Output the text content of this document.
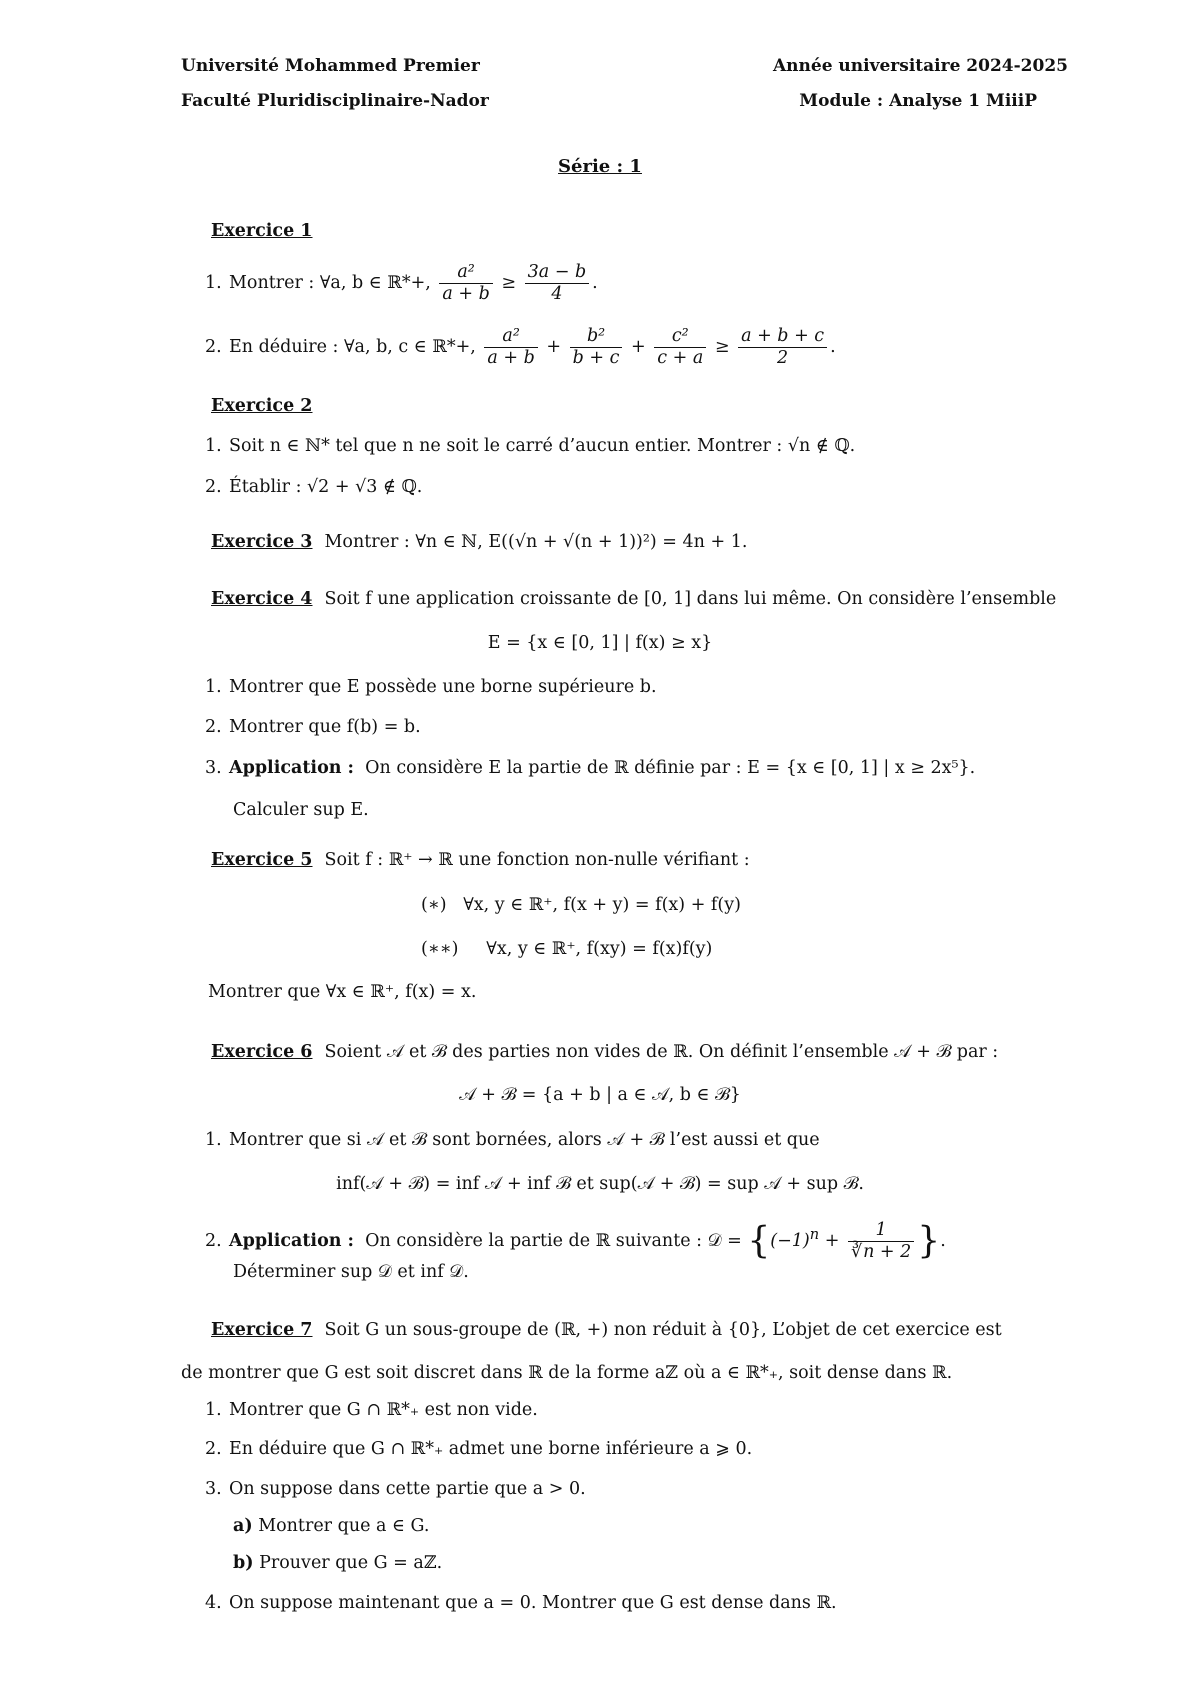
Université Mohammed Premier
Faculté Pluridisciplinaire-Nador
Année universitaire 2024-2025
Module : Analyse 1 MiiiP
Série : 1
Exercice 1
1. Montrer : ∀a, b ∈ ℝ*+, $\frac{\text{a²}}{a + b} \ge \frac{3a - b}{4}$ .
2. En déduire : ∀a, b, c ∈ ℝ*+, $\frac{\text{a²}}{a + b} + \frac{\text{b²}}{b + c} + \frac{\text{c²}}{c + a} \ge \frac{a + b + c}{2}$ .
Exercice 2
1. Soit n ∈ ℕ* tel que n ne soit le carré d’aucun entier. Montrer : √n ∉ ℚ.
2. Établir : √2 + √3 ∉ ℚ.
Exercice 3 Montrer : ∀n ∈ ℕ, E((√n + √(n + 1))²) = 4n + 1.
Exercice 4 Soit f une application croissante de [0, 1] dans lui même. On considère l’ensemble
E = {x ∈ [0, 1] | f(x) ≥ x}
1. Montrer que E possède une borne supérieure b.
2. Montrer que f(b) = b.
3. Application : On considère E la partie de ℝ définie par : E = {x ∈ [0, 1] | x ≥ 2x⁵}.
Calculer sup E.
Exercice 5 Soit f : ℝ⁺ → ℝ une fonction non-nulle vérifiant :
(∗)   ∀x, y ∈ ℝ⁺, f(x + y) = f(x) + f(y)
(∗∗)     ∀x, y ∈ ℝ⁺, f(xy) = f(x)f(y)
Montrer que ∀x ∈ ℝ⁺, f(x) = x.
Exercice 6 Soient 𝒜 et ℬ des parties non vides de ℝ. On définit l’ensemble 𝒜 + ℬ par :
𝒜 + ℬ = {a + b | a ∈ 𝒜, b ∈ ℬ}
1. Montrer que si 𝒜 et ℬ sont bornées, alors 𝒜 + ℬ l’est aussi et que
inf(𝒜 + ℬ) = inf 𝒜 + inf ℬ et sup(𝒜 + ℬ) = sup 𝒜 + sup ℬ.
2. Application : On considère la partie de ℝ suivante : 𝒟 = {$(-1)^n + \frac{1}{∛n + 2}$ }.
Déterminer sup 𝒟 et inf 𝒟.
Exercice 7 Soit G un sous-groupe de (ℝ, +) non réduit à {0}, L’objet de cet exercice est
de montrer que G est soit discret dans ℝ de la forme aℤ où a ∈ ℝ*₊, soit dense dans ℝ.
1. Montrer que G ∩ ℝ*₊ est non vide.
2. En déduire que G ∩ ℝ*₊ admet une borne inférieure a ⩾ 0.
3. On suppose dans cette partie que a > 0.
a) Montrer que a ∈ G.
b) Prouver que G = aℤ.
4. On suppose maintenant que a = 0. Montrer que G est dense dans ℝ.
